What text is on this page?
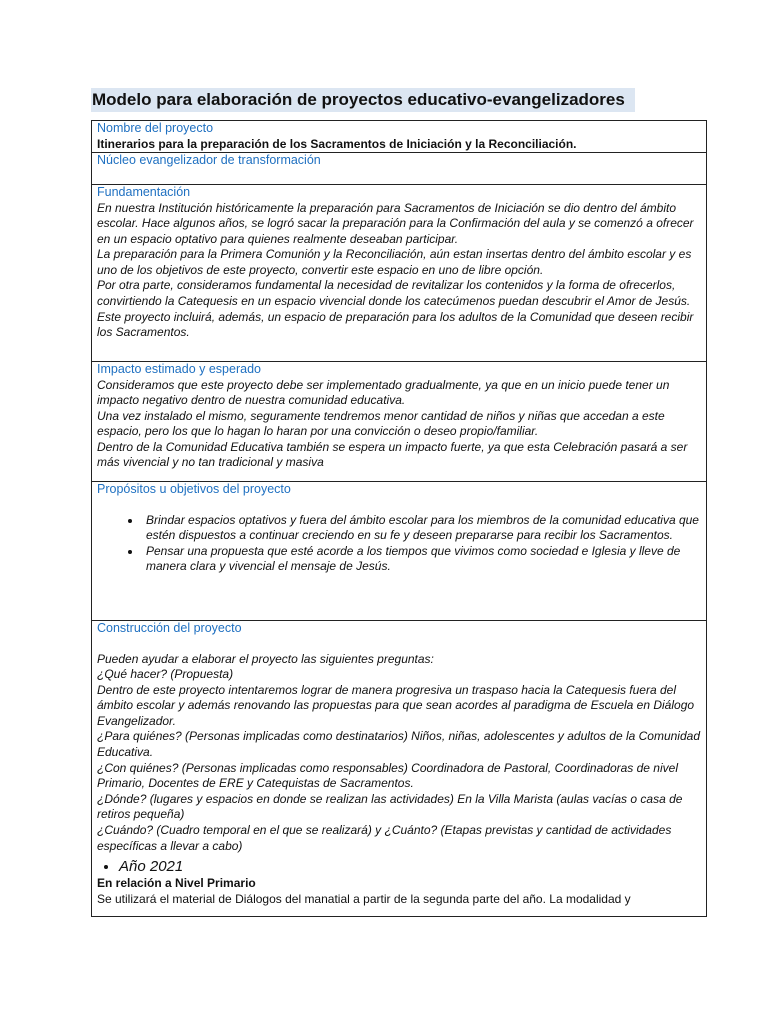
Modelo para elaboración de proyectos educativo-evangelizadores
Nombre del proyecto
Itinerarios para la preparación de los Sacramentos de Iniciación y la Reconciliación.
Núcleo evangelizador de transformación
Fundamentación
En nuestra Institución históricamente la preparación para Sacramentos de Iniciación se dio dentro del ámbito escolar. Hace algunos años, se logró sacar la preparación para la Confirmación del aula y se comenzó a ofrecer en un espacio optativo para quienes realmente deseaban participar.
La preparación para la Primera Comunión y la Reconciliación, aún estan insertas dentro del ámbito escolar y es uno de los objetivos de este proyecto, convertir este espacio en uno de libre opción.
Por otra parte, consideramos fundamental la necesidad de revitalizar los contenidos y la forma de ofrecerlos, convirtiendo la Catequesis en un espacio vivencial donde los catecúmenos puedan descubrir el Amor de Jesús.
Este proyecto incluirá, además, un espacio de preparación para los adultos de la Comunidad que deseen recibir los Sacramentos.
Impacto estimado y esperado
Consideramos que este proyecto debe ser implementado gradualmente, ya que en un inicio puede tener un impacto negativo dentro de nuestra comunidad educativa.
Una vez instalado el mismo, seguramente tendremos menor cantidad de niños y niñas que accedan a este espacio, pero los que lo hagan lo haran por una convicción o deseo propio/familiar.
Dentro de la Comunidad Educativa también se espera un impacto fuerte, ya que esta Celebración pasará a ser más vivencial y no tan tradicional y masiva
Propósitos u objetivos del proyecto
• Brindar espacios optativos y fuera del ámbito escolar para los miembros de la comunidad educativa que estén dispuestos a continuar creciendo en su fe y deseen prepararse para recibir los Sacramentos.
• Pensar una propuesta que esté acorde a los tiempos que vivimos como sociedad e Iglesia y lleve de manera clara y vivencial el mensaje de Jesús.
Construcción del proyecto
Pueden ayudar a elaborar el proyecto las siguientes preguntas:
¿Qué hacer? (Propuesta)
Dentro de este proyecto intentaremos lograr de manera progresiva un traspaso hacia la Catequesis fuera del ámbito escolar y además renovando las propuestas para que sean acordes al paradigma de Escuela en Diálogo Evangelizador.
¿Para quiénes? (Personas implicadas como destinatarios) Niños, niñas, adolescentes y adultos de la Comunidad Educativa.
¿Con quiénes? (Personas implicadas como responsables) Coordinadora de Pastoral, Coordinadoras de nivel Primario, Docentes de ERE y Catequistas de Sacramentos.
¿Dónde? (lugares y espacios en donde se realizan las actividades) En la Villa Marista (aulas vacías o casa de retiros pequeña)
¿Cuándo? (Cuadro temporal en el que se realizará) y ¿Cuánto? (Etapas previstas y cantidad de actividades específicas a llevar a cabo)
• Año 2021
En relación a Nivel Primario
Se utilizará el material de Diálogos del manatial a partir de la segunda parte del año. La modalidad y
